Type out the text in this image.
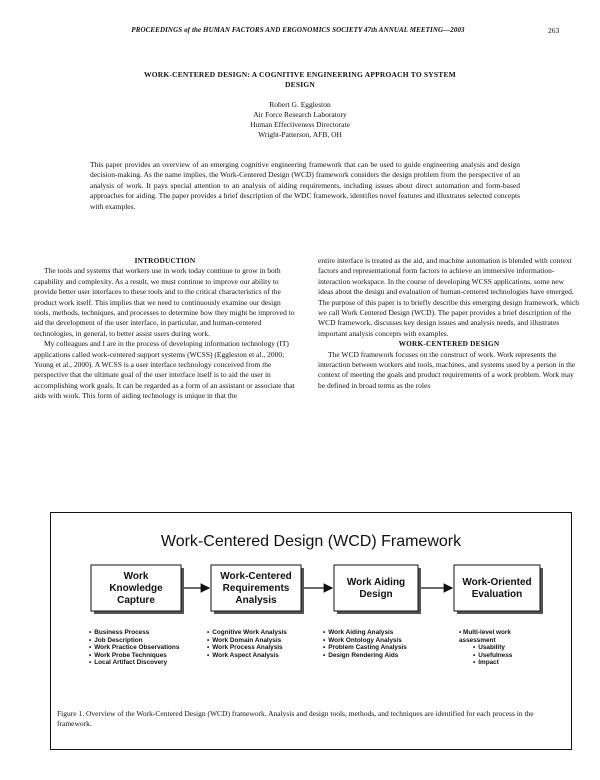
PROCEEDINGS of the HUMAN FACTORS AND ERGONOMICS SOCIETY 47th ANNUAL MEETING—2003	263
WORK-CENTERED DESIGN: A COGNITIVE ENGINEERING APPROACH TO SYSTEM
DESIGN
Robert G. Eggleston
Air Force Research Laboratory
Human Effectiveness Directorate
Wright-Patterson, AFB, OH
This paper provides an overview of an emerging cognitive engineering framework that can be used to guide engineering analysis and design decision-making. As the name implies, the Work-Centered Design (WCD) framework considers the design problem from the perspective of an analysis of work. It pays special attention to an analysis of aiding requirements, including issues about direct automation and form-based approaches for aiding. The paper provides a brief description of the WDC framework, identifies novel features and illustrates selected concepts with examples.

INTRODUCTION

The tools and systems that workers use in work today continue to grow in both capability and complexity. As a result, we must continue to improve our ability to provide better user interfaces to these tools and to the critical characteristics of the product work itself. This implies that we need to continuously examine our design tools, methods, techniques, and processes to determine how they might be improved to aid the development of the user interface, in particular, and human-centered technologies, in general, to better assist users during work.

My colleagues and I are in the process of developing information technology (IT) applications called work-centered support systems (WCSS) (Eggleston et al., 2000; Young et al., 2000). A WCSS is a user interface technology conceived from the perspective that the ultimate goal of the user interface itself is to aid the user in accomplishing work goals. It can be regarded as a form of an assistant or associate that aids with work. This form of aiding technology is unique in that the

entire interface is treated as the aid, and machine automation is blended with context factors and representational form factors to achieve an immersive information-interaction workspace. In the course of developing WCSS applications, some new ideas about the design and evaluation of human-centered technologies have emerged. The purpose of this paper is to briefly describe this emerging design framework, which we call Work Centered Design (WCD). The paper provides a brief description of the WCD framework, discusses key design issues and analysis needs, and illustrates important analysis concepts with examples.

WORK-CENTERED DESIGN

The WCD framework focuses on the construct of work. Work represents the interaction between workers and tools, machines, and systems used by a person in the context of meeting the goals and product requirements of a work problem. Work may be defined in broad terms as the roles

Work-Centered Design (WCD) Framework
Work
Knowledge
Capture
Work-Centered
Requirements
Analysis
Work Aiding
Design
Work-Oriented
Evaluation
• Business Process
• Job Description
• Work Practice Observations
• Work Probe Techniques
• Local Artifact Discovery
• Cognitive Work Analysis
• Work Domain Analysis
• Work Process Analysis
• Work Aspect Analysis
• Work Aiding Analysis
• Work Ontology Analysis
• Problem Casting Analysis
• Design Rendering Aids
• Multi-level work assessment
• Usability
• Usefulness
• Impact
Figure 1. Overview of the Work-Centered Design (WCD) framework. Analysis and design tools, methods, and techniques are identified for each process in the framework.
